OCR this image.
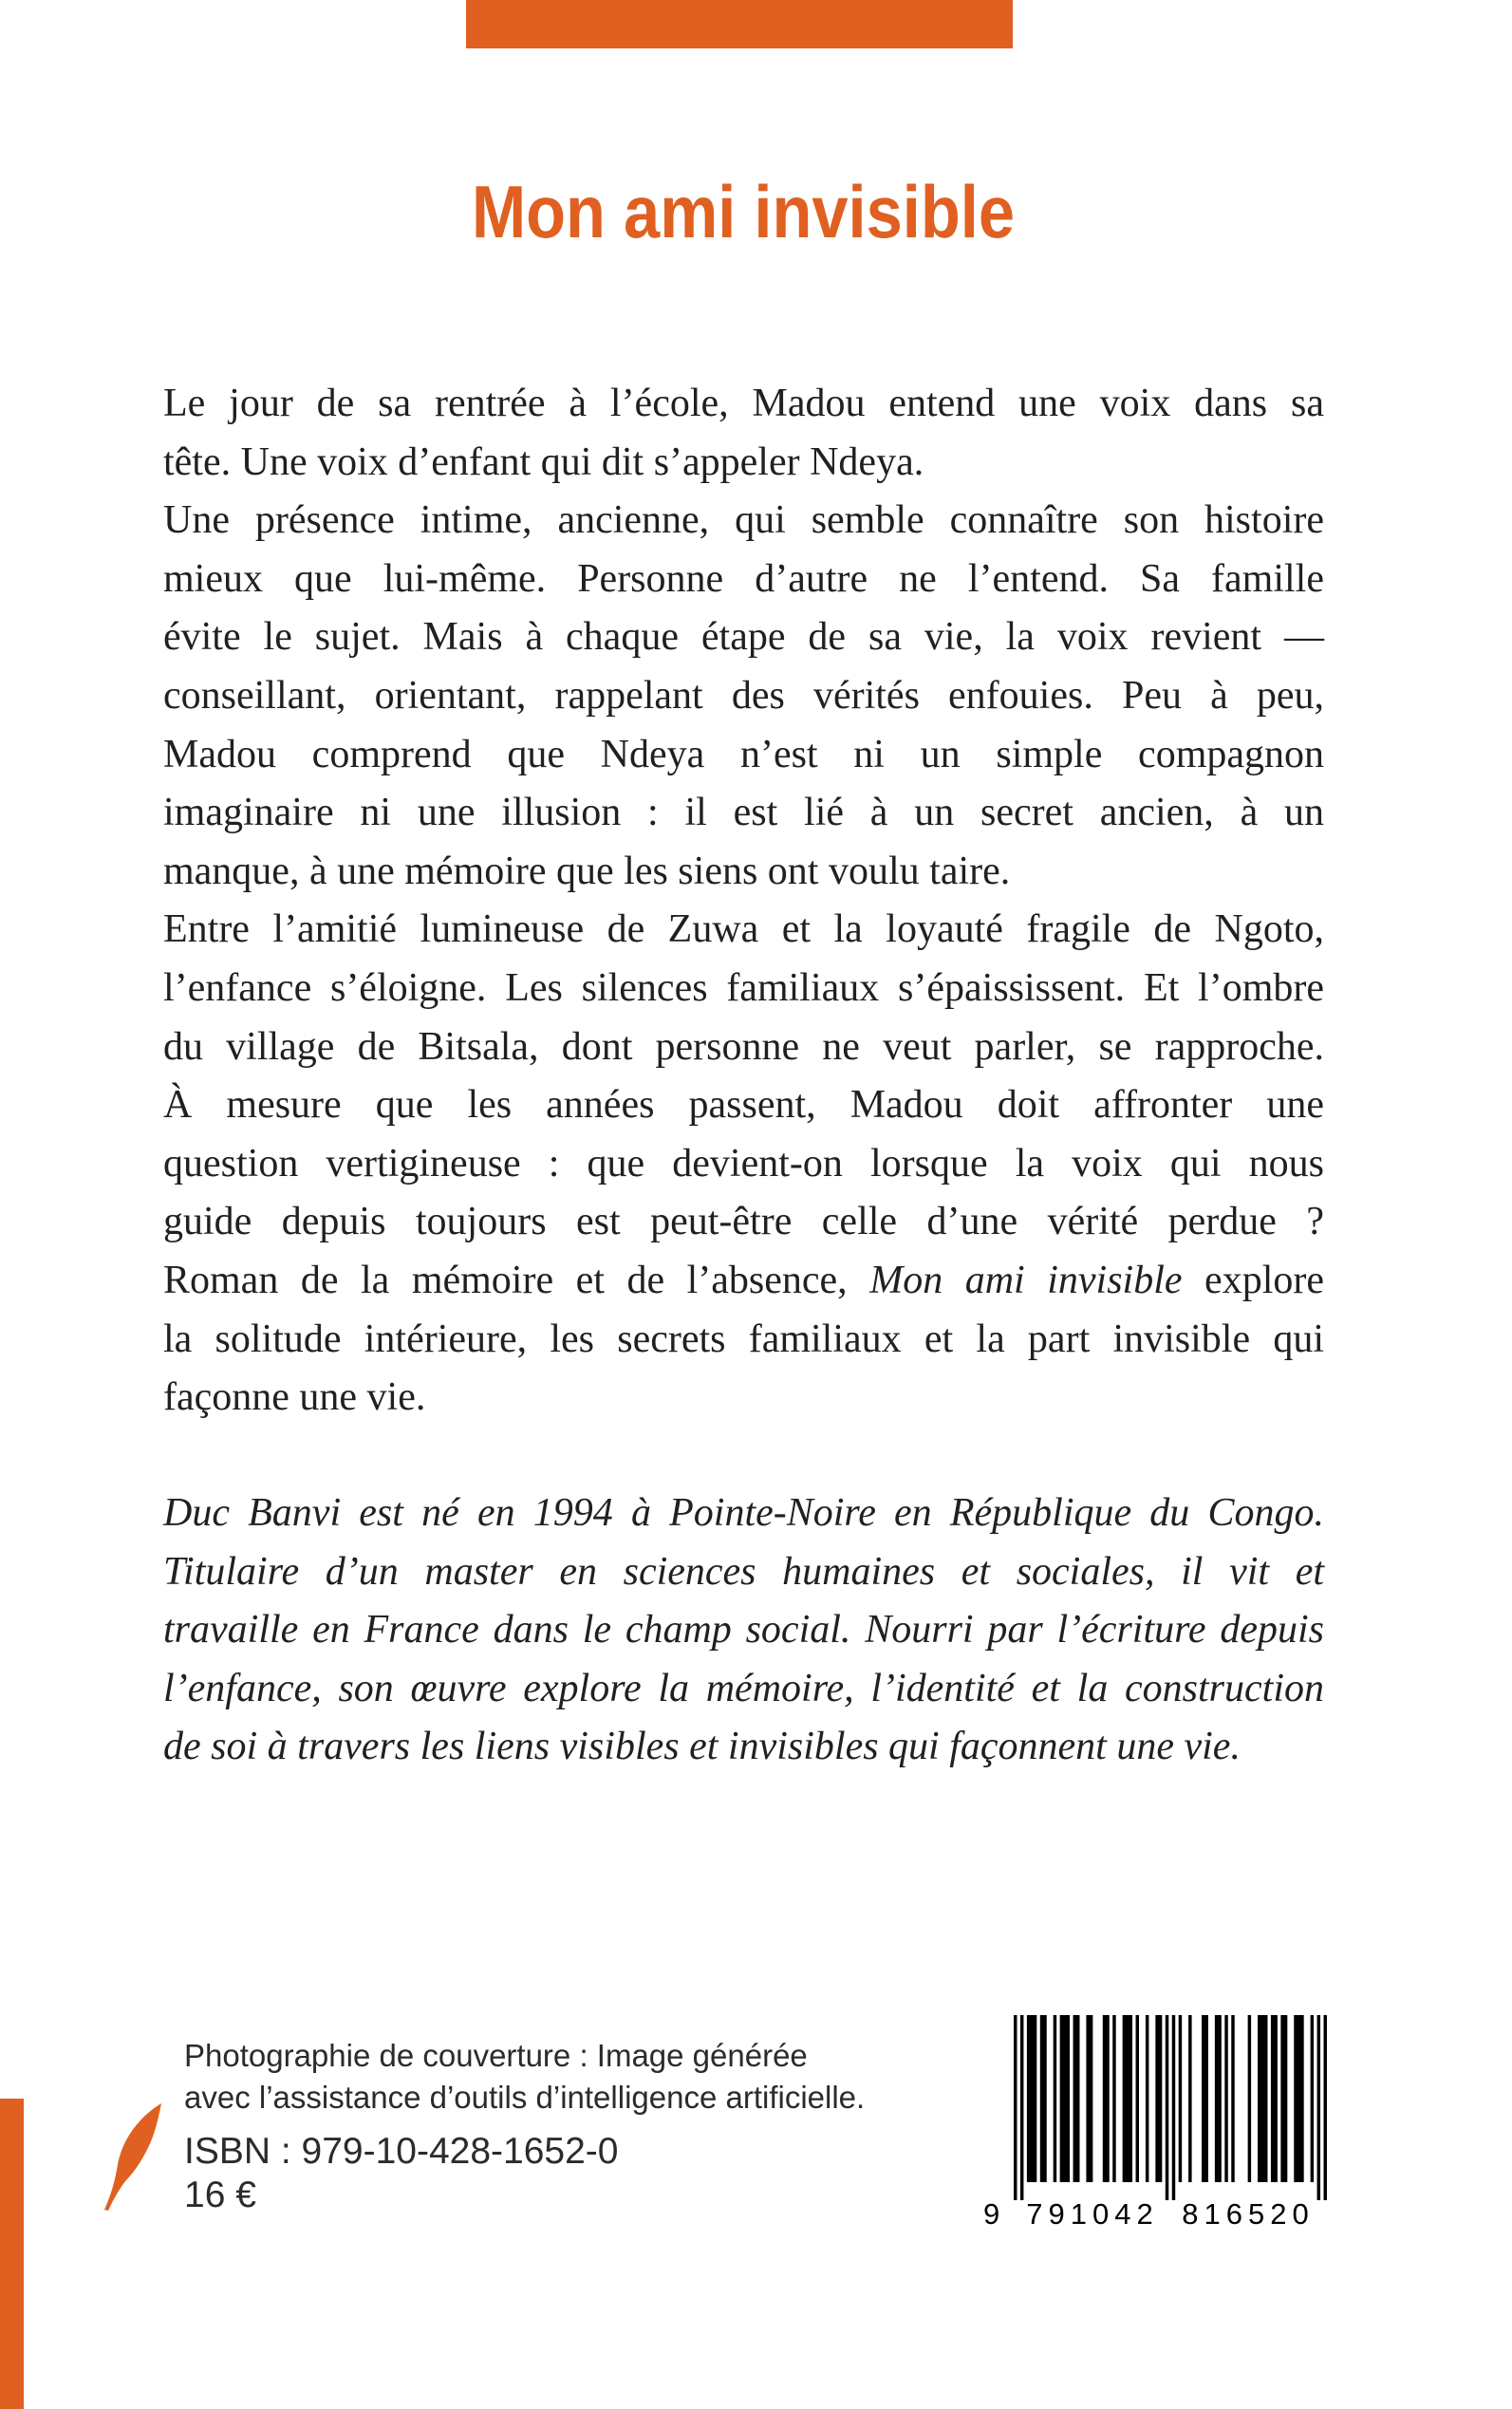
Mon ami invisible
Le jour de sa rentrée à l’école, Madou entend une voix dans sa
tête. Une voix d’enfant qui dit s’appeler Ndeya.
Une présence intime, ancienne, qui semble connaître son histoire
mieux que lui-même. Personne d’autre ne l’entend. Sa famille
évite le sujet. Mais à chaque étape de sa vie, la voix revient —
conseillant, orientant, rappelant des vérités enfouies. Peu à peu,
Madou comprend que Ndeya n’est ni un simple compagnon
imaginaire ni une illusion : il est lié à un secret ancien, à un
manque, à une mémoire que les siens ont voulu taire.
Entre l’amitié lumineuse de Zuwa et la loyauté fragile de Ngoto,
l’enfance s’éloigne. Les silences familiaux s’épaississent. Et l’ombre
du village de Bitsala, dont personne ne veut parler, se rapproche.
À mesure que les années passent, Madou doit affronter une
question vertigineuse : que devient-on lorsque la voix qui nous
guide depuis toujours est peut-être celle d’une vérité perdue ?
Roman de la mémoire et de l’absence, Mon ami invisible explore
la solitude intérieure, les secrets familiaux et la part invisible qui
façonne une vie.
Duc Banvi est né en 1994 à Pointe-Noire en République du Congo.
Titulaire d’un master en sciences humaines et sociales, il vit et
travaille en France dans le champ social. Nourri par l’écriture depuis
l’enfance, son œuvre explore la mémoire, l’identité et la construction
de soi à travers les liens visibles et invisibles qui façonnent une vie.
Photographie de couverture : Image générée
avec l’assistance d’outils d’intelligence artificielle.
ISBN : 979-10-428-1652-0
16 €	9 791042 816520
